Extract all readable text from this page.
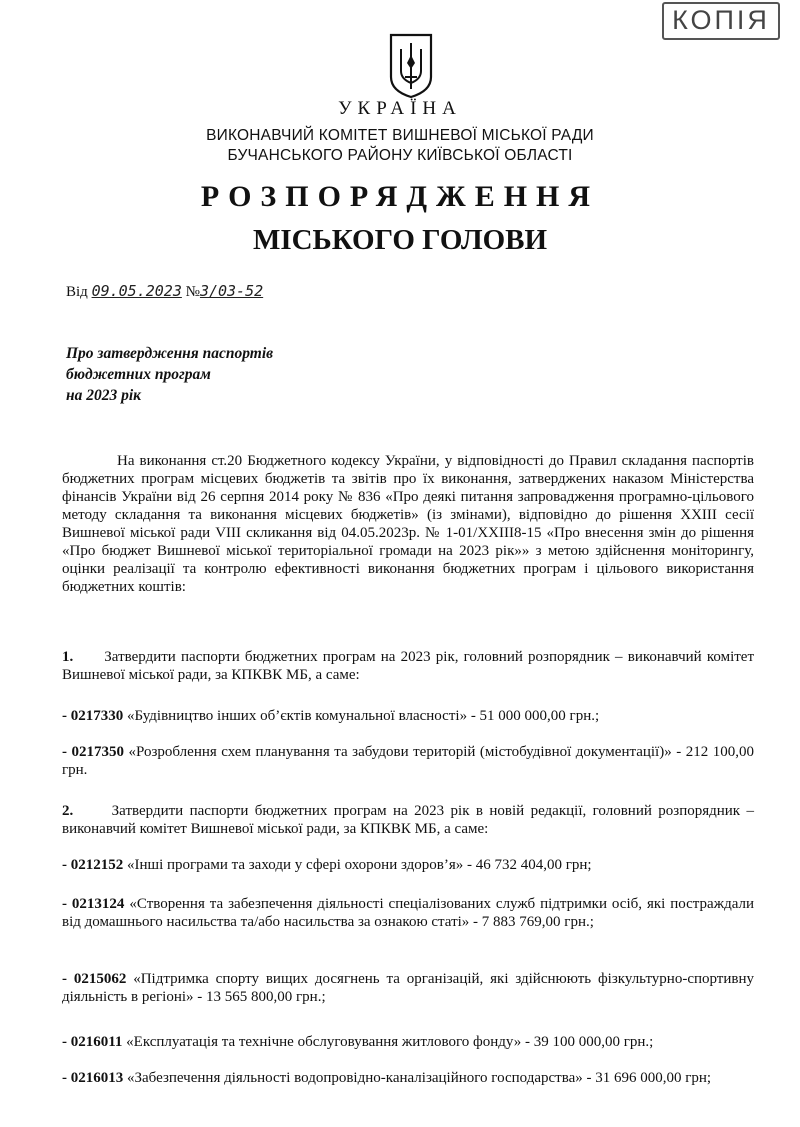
КОПІЯ
УКРАЇНА
ВИКОНАВЧИЙ КОМІТЕТ ВИШНЕВОЇ МІСЬКОЇ РАДИ
БУЧАНСЬКОГО РАЙОНУ КИЇВСЬКОЇ ОБЛАСТІ
РОЗПОРЯДЖЕННЯ
МІСЬКОГО ГОЛОВИ
Від 09.05.2023 №3/03-52
Про затвердження паспортів
бюджетних програм
на 2023 рік
На виконання ст.20 Бюджетного кодексу України, у відповідності до Правил складання паспортів бюджетних програм місцевих бюджетів та звітів про їх виконання, затверджених наказом Міністерства фінансів України від 26 серпня 2014 року № 836 «Про деякі питання запровадження програмно-цільового методу складання та виконання місцевих бюджетів» (із змінами), відповідно до рішення XXIII сесії Вишневої міської ради VIII скликання від 04.05.2023р. № 1-01/XXIII8-15 «Про внесення змін до рішення «Про бюджет Вишневої міської територіальної громади на 2023 рік»» з метою здійснення моніторингу, оцінки реалізації та контролю ефективності виконання бюджетних програм і цільового використання бюджетних коштів:
1. Затвердити паспорти бюджетних програм на 2023 рік, головний розпорядник – виконавчий комітет Вишневої міської ради, за КПКВК МБ, а саме:
- 0217330 «Будівництво інших об’єктів комунальної власності» - 51 000 000,00 грн.;
- 0217350 «Розроблення схем планування та забудови територій (містобудівної документації)» - 212 100,00 грн.
2.	Затвердити паспорти бюджетних програм на 2023 рік в новій редакції, головний розпорядник – виконавчий комітет Вишневої міської ради, за КПКВК МБ, а саме:
- 0212152 «Інші програми та заходи у сфері охорони здоров’я» - 46 732 404,00 грн;
- 0213124 «Створення та забезпечення діяльності спеціалізованих служб підтримки осіб, які постраждали від домашнього насильства та/або насильства за ознакою статі» - 7 883 769,00 грн.;
- 0215062 «Підтримка спорту вищих досягнень та організацій, які здійснюють фізкультурно-спортивну діяльність в регіоні» - 13 565 800,00 грн.;
- 0216011 «Експлуатація та технічне обслуговування житлового фонду» - 39 100 000,00 грн.;
- 0216013 «Забезпечення діяльності водопровідно-каналізаційного господарства» - 31 696 000,00 грн;
